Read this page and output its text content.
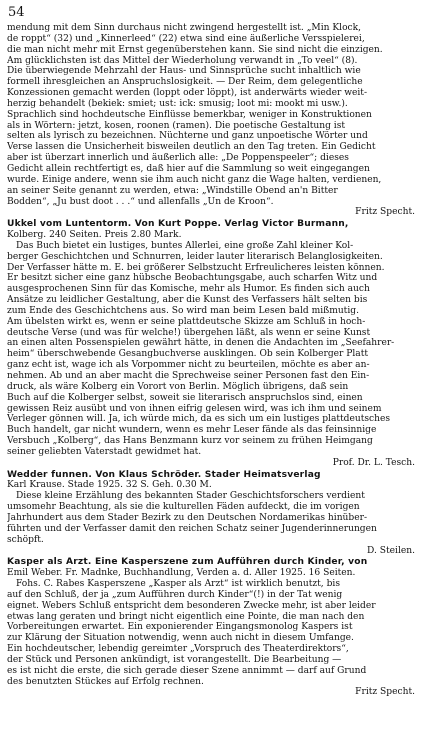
54
mendung mit dem Sinn durchaus nicht zwingend hergestellt ist. „Min Klock,
de roppt“ (32) und „Kinnerleed“ (22) etwa sind eine äußerliche Versspielerei,
die man nicht mehr mit Ernst gegenüberstehen kann. Sie sind nicht die einzigen.
Am glücklichsten ist das Mittel der Wiederholung verwandt in „To veel“ (8).
Die überwiegende Mehrzahl der Haus- und Sinnsprüche sucht inhaltlich wie
formell ihresgleichen an Anspruchslosigkeit. — Der Reim, dem gelegentliche
Konzessionen gemacht werden (loppt oder löppt), ist anderwärts wieder weit-
herzig behandelt (bekiek: smiet; ust: ick: smusig; loot mi: mookt mi usw.).
Sprachlich sind hochdeutsche Einflüsse bemerkbar, weniger in Konstruktionen
als in Wörtern: jetzt, kosen, roonen (ramen). Die poetische Gestaltung ist
selten als lyrisch zu bezeichnen. Nüchterne und ganz unpoetische Wörter und
Verse lassen die Unsicherheit bisweilen deutlich an den Tag treten. Ein Gedicht
aber ist überzart innerlich und äußerlich alle: „De Poppenspeeler“; dieses
Gedicht allein rechtfertigt es, daß hier auf die Sammlung so weit eingegangen
wurde. Einige andere, wenn sie ihm auch nicht ganz die Wage halten, verdienen,
an seiner Seite genannt zu werden, etwa: „Windstille Obend an'n Bitter
Bodden“, „Ju bust doot . . .“ und allenfalls „Un de Kroon“.
Fritz Specht.
Ukkel vom Luntentorm. Von Kurt Poppe. Verlag Victor Burmann,
Kolberg. 240 Seiten. Preis 2.80 Mark.
Das Buch bietet ein lustiges, buntes Allerlei, eine große Zahl kleiner Kol-
berger Geschichtchen und Schnurren, leider lauter literarisch Belanglosigkeiten.
Der Verfasser hätte m. E. bei größerer Selbstzucht Erfreulicheres leisten können.
Er besitzt sicher eine ganz hübsche Beobachtungsgabe, auch scharfen Witz und
ausgesprochenen Sinn für das Komische, mehr als Humor. Es finden sich auch
Ansätze zu leidlicher Gestaltung, aber die Kunst des Verfassers hält selten bis
zum Ende des Geschichtchens aus. So wird man beim Lesen bald mißmutig.
Am übelsten wirkt es, wenn er seine plattdeutsche Skizze am Schluß in hoch-
deutsche Verse (und was für welche!) übergehen läßt, als wenn er seine Kunst
an einen alten Possenspielen gewährt hätte, in denen die Andachten im „Seefahrer-
heim“ überschwebende Gesangbuchverse ausklingen. Ob sein Kolberger Platt
ganz echt ist, wage ich als Vorpommer nicht zu beurteilen, möchte es aber an-
nehmen. Ab und an aber macht die Sprechweise seiner Personen fast den Ein-
druck, als wäre Kolberg ein Vorort von Berlin. Möglich übrigens, daß sein
Buch auf die Kolberger selbst, soweit sie literarisch anspruchslos sind, einen
gewissen Reiz ausübt und von ihnen eifrig gelesen wird, was ich ihm und seinem
Verleger gönnen will. Ja, ich würde mich, da es sich um ein lustiges plattdeutsches
Buch handelt, gar nicht wundern, wenn es mehr Leser fände als das feinsinnige
Versbuch „Kolberg“, das Hans Benzmann kurz vor seinem zu frühen Heimgang
seiner geliebten Vaterstadt gewidmet hat.
Prof. Dr. L. Tesch.
Wedder funnen. Von Klaus Schröder. Stader Heimatsverlag
Karl Krause. Stade 1925. 32 S. Geh. 0.30 M.
Diese kleine Erzählung des bekannten Stader Geschichtsforschers verdient
umsomehr Beachtung, als sie die kulturellen Fäden aufdeckt, die im vorigen
Jahrhundert aus dem Stader Bezirk zu den Deutschen Nordamerikas hinüber-
führten und der Verfasser damit den reichen Schatz seiner Jugenderinnerungen
schöpft.
D. Steilen.
Kasper als Arzt. Eine Kasperszene zum Aufführen durch Kinder, von
Emil Weber. Fr. Madnke, Buchhandlung, Verden a. d. Aller 1925. 16 Seiten.
Fohs. C. Rabes Kasperszene „Kasper als Arzt“ ist wirklich benutzt, bis
auf den Schluß, der ja „zum Aufführen durch Kinder“(!) in der Tat wenig
eignet. Webers Schluß entspricht dem besonderen Zwecke mehr, ist aber leider
etwas lang geraten und bringt nicht eigentlich eine Pointe, die man nach den
Vorbereitungen erwartet. Ein exponierender Eingangsmonolog Kaspers ist
zur Klärung der Situation notwendig, wenn auch nicht in diesem Umfange.
Ein hochdeutscher, lebendig gereimter „Vorspruch des Theaterdirektors“,
der Stück und Personen ankündigt, ist vorangestellt. Die Bearbeitung —
es ist nicht die erste, die sich gerade dieser Szene annimmt — darf auf Grund
des benutzten Stückes auf Erfolg rechnen.
Fritz Specht.
